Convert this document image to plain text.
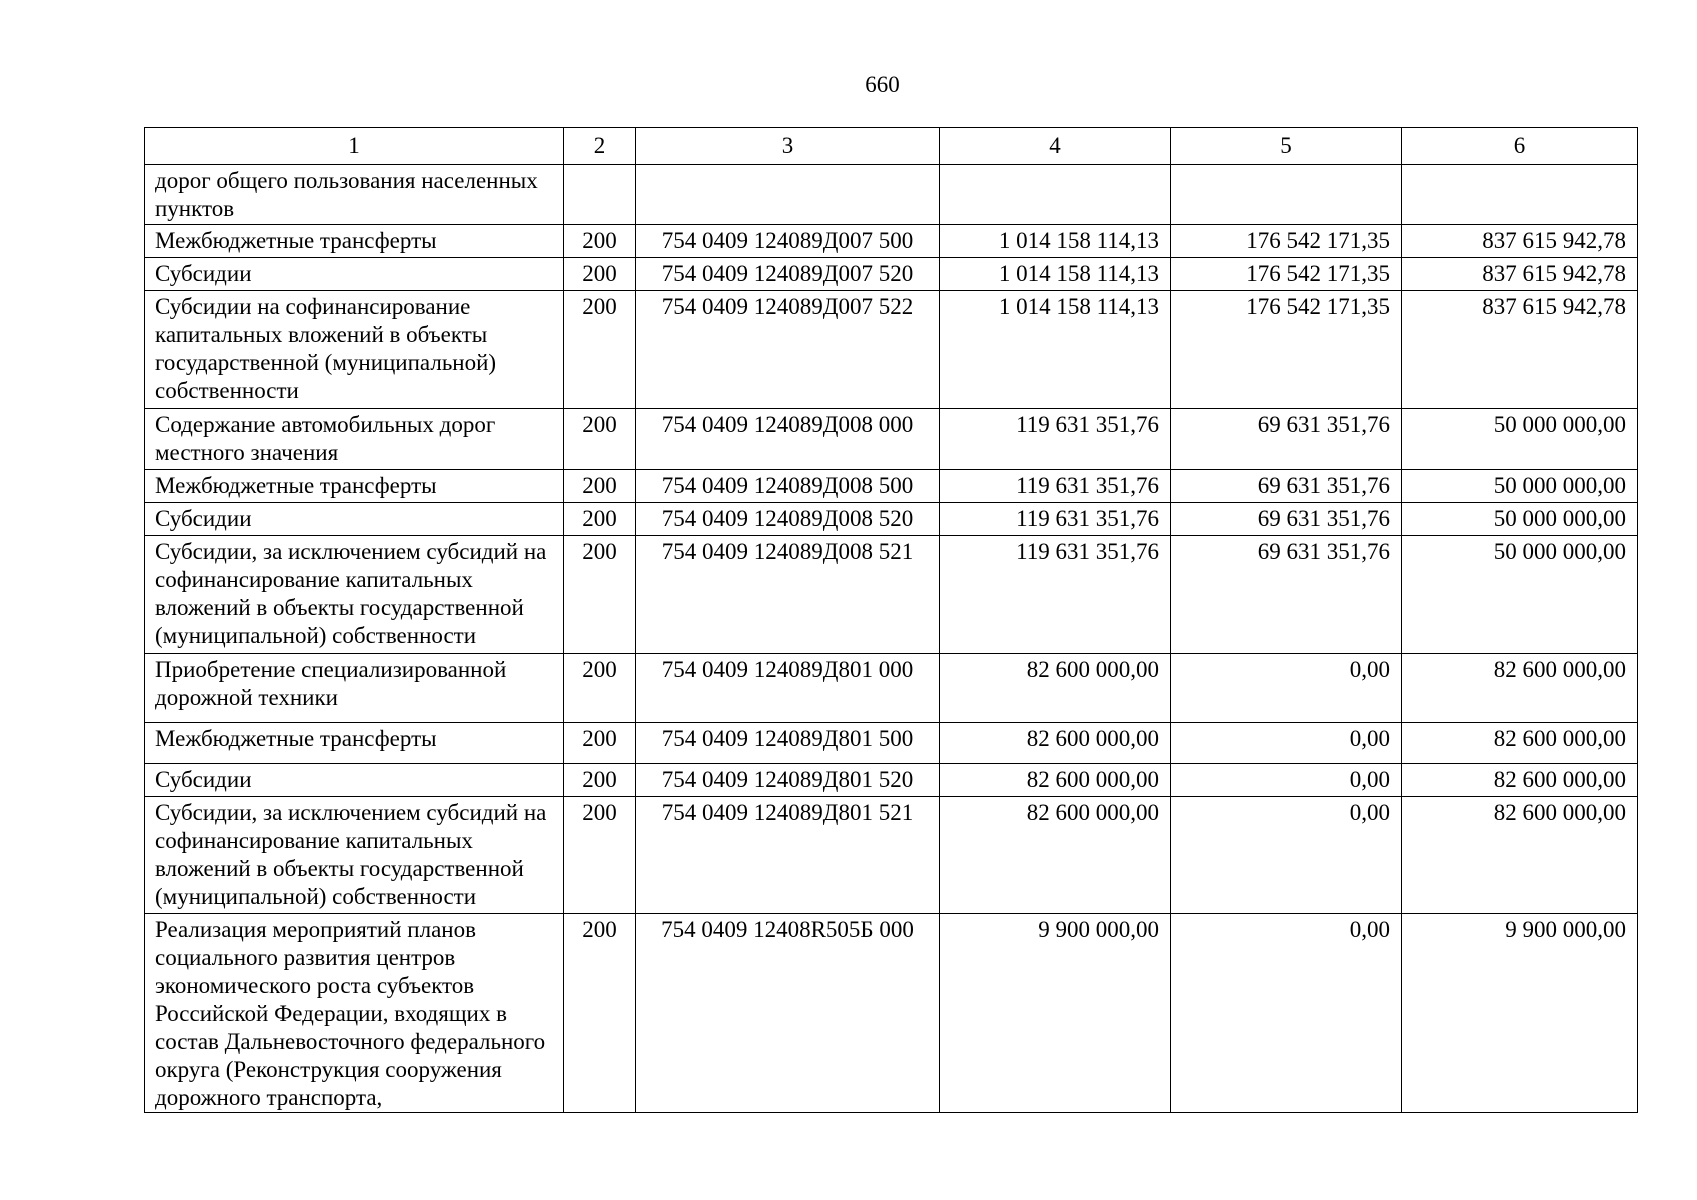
660
1	2	3	4	5	6
дорог общего пользования населенных пунктов					
Межбюджетные трансферты	200	754 0409 124089Д007 500	1 014 158 114,13	176 542 171,35	837 615 942,78
Субсидии	200	754 0409 124089Д007 520	1 014 158 114,13	176 542 171,35	837 615 942,78
Субсидии на софинансирование капитальных вложений в объекты государственной (муниципальной) собственности	200	754 0409 124089Д007 522	1 014 158 114,13	176 542 171,35	837 615 942,78
Содержание автомобильных дорог местного значения	200	754 0409 124089Д008 000	119 631 351,76	69 631 351,76	50 000 000,00
Межбюджетные трансферты	200	754 0409 124089Д008 500	119 631 351,76	69 631 351,76	50 000 000,00
Субсидии	200	754 0409 124089Д008 520	119 631 351,76	69 631 351,76	50 000 000,00
Субсидии, за исключением субсидий на софинансирование капитальных вложений в объекты государственной (муниципальной) собственности	200	754 0409 124089Д008 521	119 631 351,76	69 631 351,76	50 000 000,00
Приобретение специализированной дорожной техники	200	754 0409 124089Д801 000	82 600 000,00	0,00	82 600 000,00
Межбюджетные трансферты	200	754 0409 124089Д801 500	82 600 000,00	0,00	82 600 000,00
Субсидии	200	754 0409 124089Д801 520	82 600 000,00	0,00	82 600 000,00
Субсидии, за исключением субсидий на софинансирование капитальных вложений в объекты государственной (муниципальной) собственности	200	754 0409 124089Д801 521	82 600 000,00	0,00	82 600 000,00
Реализация мероприятий планов социального развития центров экономического роста субъектов Российской Федерации, входящих в состав Дальневосточного федерального округа (Реконструкция сооружения дорожного транспорта,	200	754 0409 12408R505Б 000	9 900 000,00	0,00	9 900 000,00
